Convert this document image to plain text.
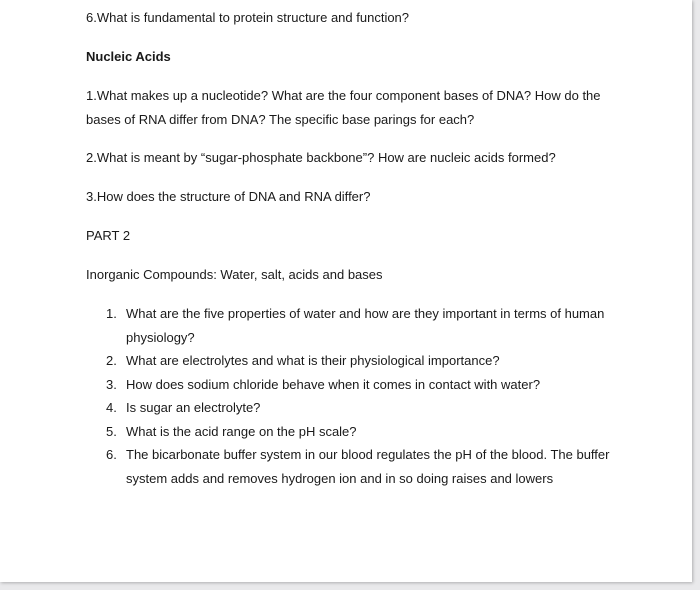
6.What is fundamental to protein structure and function?

Nucleic Acids

1.What makes up a nucleotide? What are the four component bases of DNA? How do the bases of RNA differ from DNA? The specific base parings for each?

2.What is meant by “sugar-phosphate backbone”? How are nucleic acids formed?

3.How does the structure of DNA and RNA differ?

PART 2

Inorganic Compounds: Water, salt, acids and bases

1. What are the five properties of water and how are they important in terms of human physiology?
2. What are electrolytes and what is their physiological importance?
3. How does sodium chloride behave when it comes in contact with water?
4. Is sugar an electrolyte?
5. What is the acid range on the pH scale?
6. The bicarbonate buffer system in our blood regulates the pH of the blood. The buffer system adds and removes hydrogen ion and in so doing raises and lowers
